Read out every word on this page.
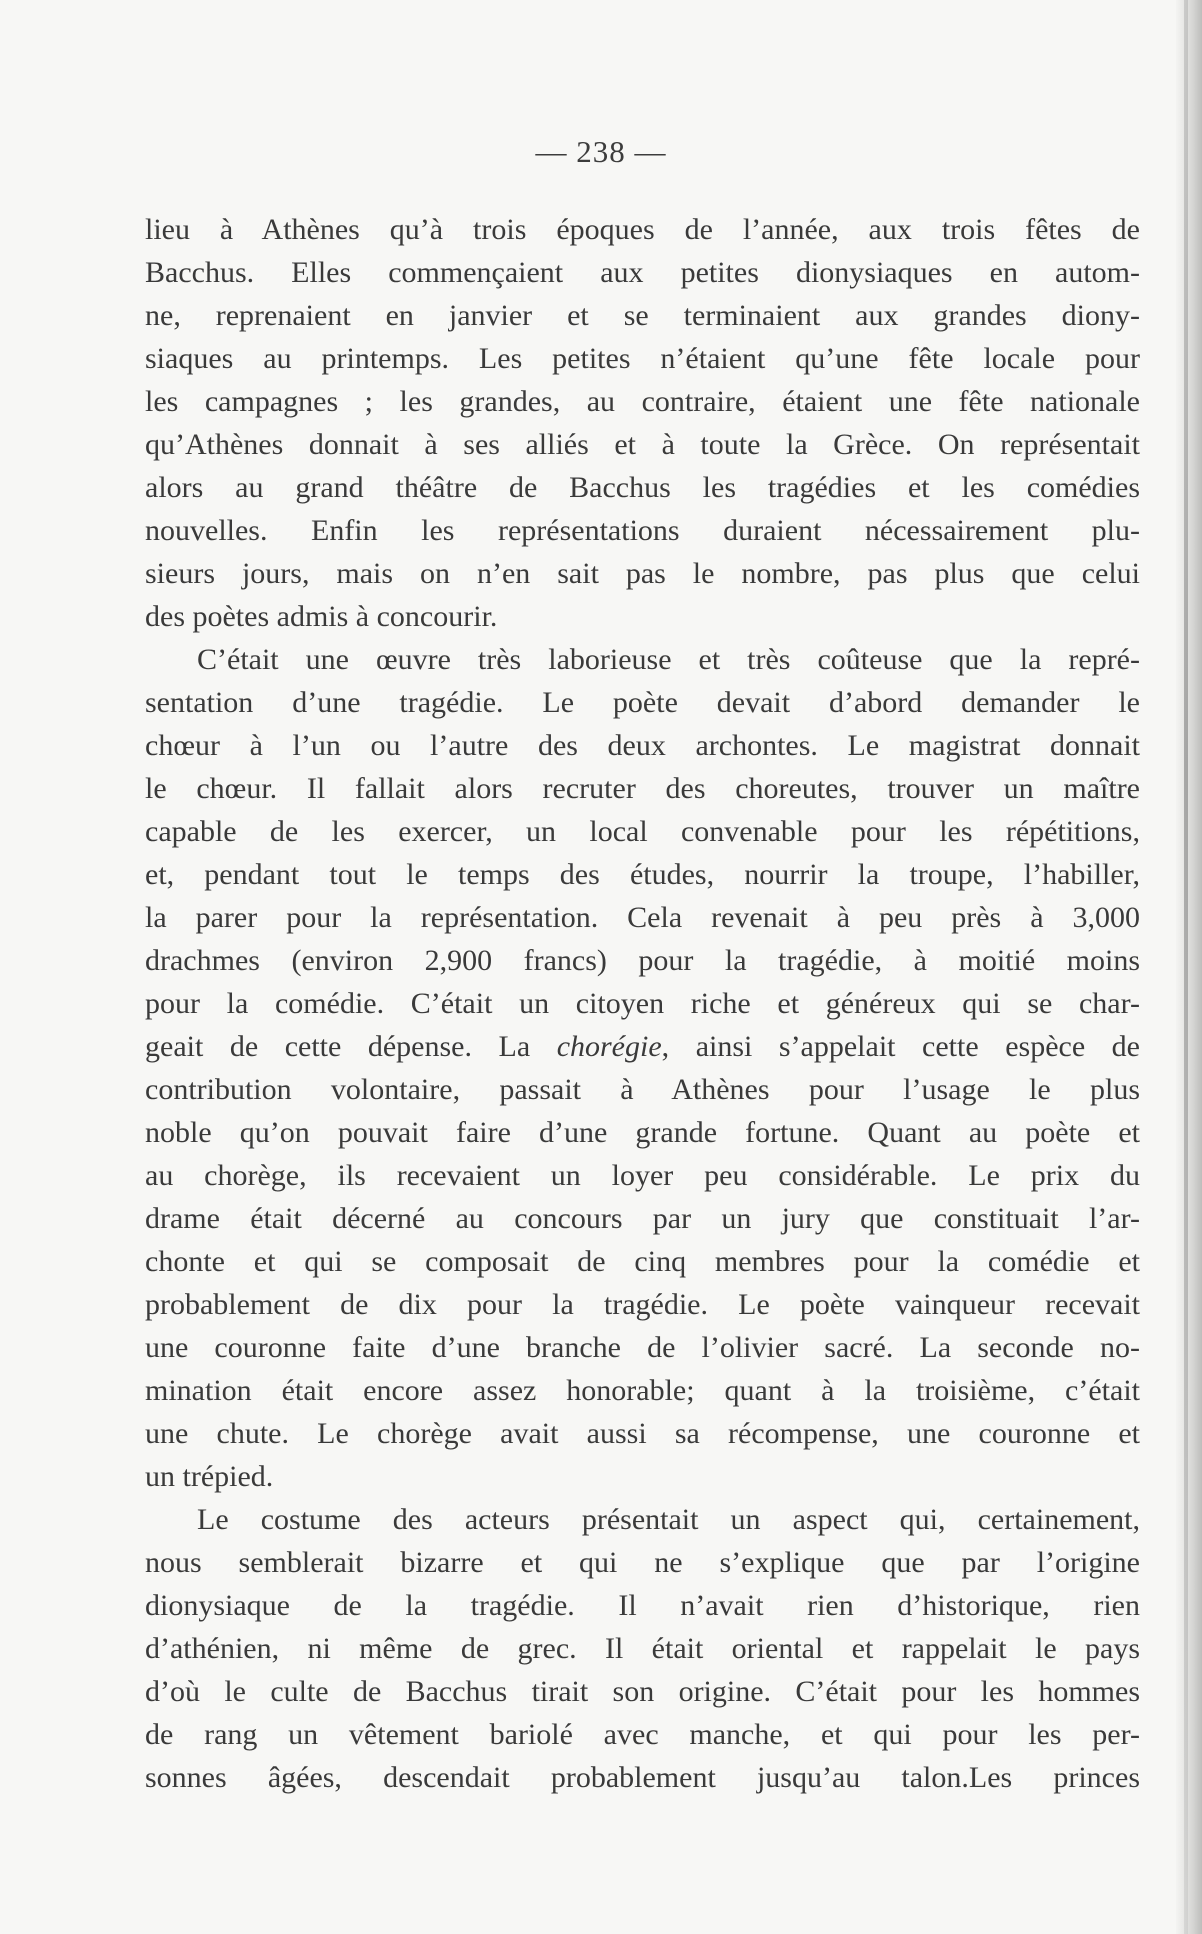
— 238 —
lieu à Athènes qu’à trois époques de l’année, aux trois fêtes de
Bacchus. Elles commençaient aux petites dionysiaques en autom-
ne, reprenaient en janvier et se terminaient aux grandes diony-
siaques au printemps. Les petites n’étaient qu’une fête locale pour
les campagnes ; les grandes, au contraire, étaient une fête nationale
qu’Athènes donnait à ses alliés et à toute la Grèce. On représentait
alors au grand théâtre de Bacchus les tragédies et les comédies
nouvelles. Enfin les représentations duraient nécessairement plu-
sieurs jours, mais on n’en sait pas le nombre, pas plus que celui
des poètes admis à concourir.
C’était une œuvre très laborieuse et très coûteuse que la repré-
sentation d’une tragédie. Le poète devait d’abord demander le
chœur à l’un ou l’autre des deux archontes. Le magistrat donnait
le chœur. Il fallait alors recruter des choreutes, trouver un maître
capable de les exercer, un local convenable pour les répétitions,
et, pendant tout le temps des études, nourrir la troupe, l’habiller,
la parer pour la représentation. Cela revenait à peu près à 3,000
drachmes (environ 2,900 francs) pour la tragédie, à moitié moins
pour la comédie. C’était un citoyen riche et généreux qui se char-
geait de cette dépense. La chorégie, ainsi s’appelait cette espèce de
contribution volontaire, passait à Athènes pour l’usage le plus
noble qu’on pouvait faire d’une grande fortune. Quant au poète et
au chorège, ils recevaient un loyer peu considérable. Le prix du
drame était décerné au concours par un jury que constituait l’ar-
chonte et qui se composait de cinq membres pour la comédie et
probablement de dix pour la tragédie. Le poète vainqueur recevait
une couronne faite d’une branche de l’olivier sacré. La seconde no-
mination était encore assez honorable; quant à la troisième, c’était
une chute. Le chorège avait aussi sa récompense, une couronne et
un trépied.
Le costume des acteurs présentait un aspect qui, certainement,
nous semblerait bizarre et qui ne s’explique que par l’origine
dionysiaque de la tragédie. Il n’avait rien d’historique, rien
d’athénien, ni même de grec. Il était oriental et rappelait le pays
d’où le culte de Bacchus tirait son origine. C’était pour les hommes
de rang un vêtement bariolé avec manche, et qui pour les per-
sonnes âgées, descendait probablement jusqu’au talon.Les princes
